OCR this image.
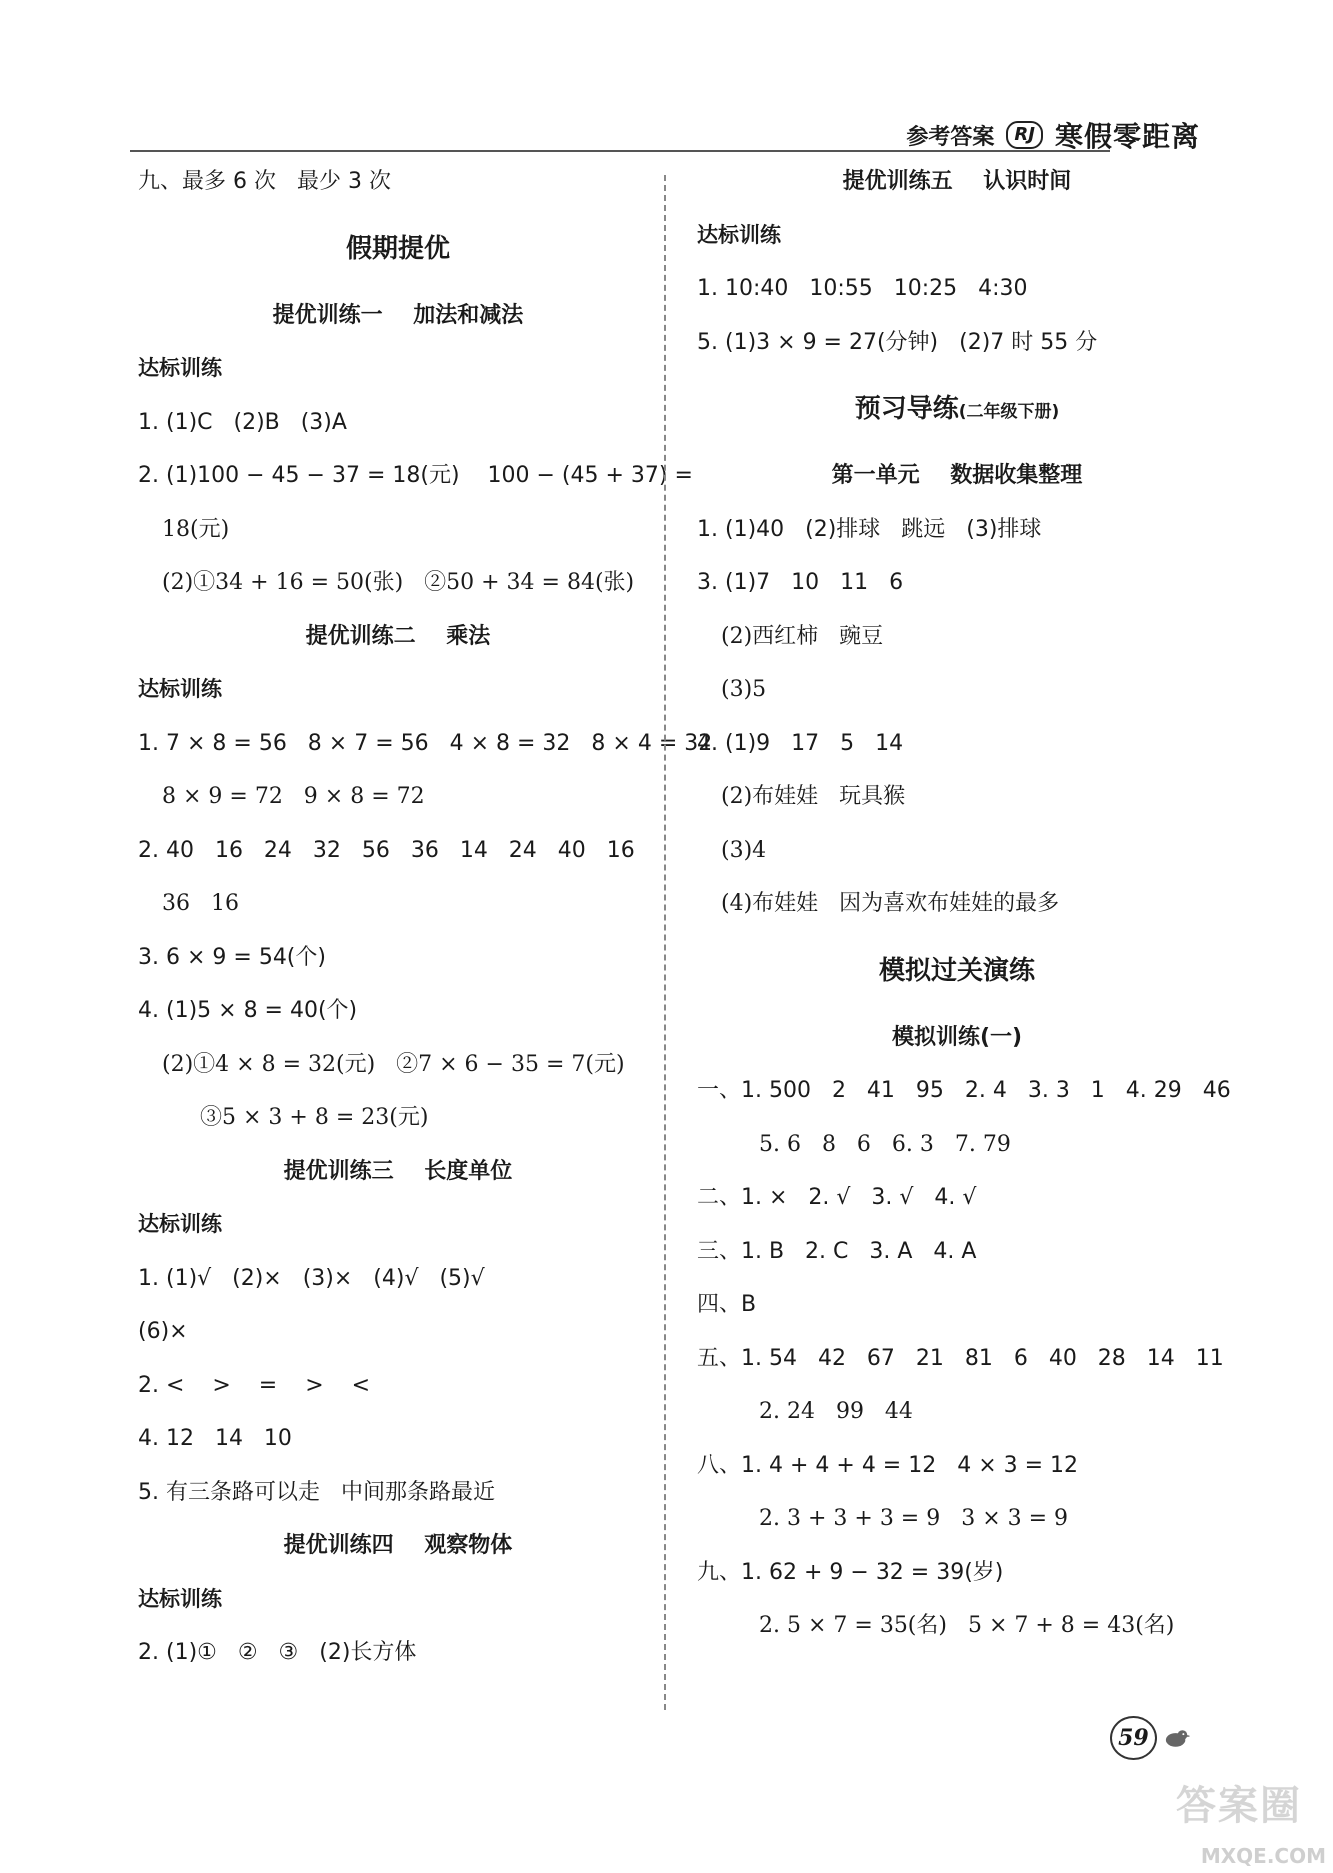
参考答案	RJ 寒假零距离
九、最多 6 次   最少 3 次
假期提优
提优训练一    加法和减法
达标训练
1. (1)C   (2)B   (3)A
2. (1)100 − 45 − 37 = 18(元)    100 − (45 + 37) =
18(元)
(2)①34 + 16 = 50(张)   ②50 + 34 = 84(张)
提优训练二    乘法
达标训练
1. 7 × 8 = 56   8 × 7 = 56   4 × 8 = 32   8 × 4 = 32
8 × 9 = 72   9 × 8 = 72
2. 40   16   24   32   56   36   14   24   40   16
36   16
3. 6 × 9 = 54(个)
4. (1)5 × 8 = 40(个)
(2)①4 × 8 = 32(元)   ②7 × 6 − 35 = 7(元)
③5 × 3 + 8 = 23(元)
提优训练三    长度单位
达标训练
1. (1)√   (2)×   (3)×   (4)√   (5)√
(6)×
2. <    >    =    >    <
4. 12   14   10
5. 有三条路可以走   中间那条路最近
提优训练四    观察物体
达标训练
2. (1)①   ②   ③   (2)长方体
提优训练五    认识时间
达标训练
1. 10:40   10:55   10:25   4:30
5. (1)3 × 9 = 27(分钟)   (2)7 时 55 分
预习导练(二年级下册)
第一单元    数据收集整理
1. (1)40   (2)排球   跳远   (3)排球
3. (1)7   10   11   6
(2)西红柿   豌豆
(3)5
4. (1)9   17   5   14
(2)布娃娃   玩具猴
(3)4
(4)布娃娃   因为喜欢布娃娃的最多
模拟过关演练
模拟训练(一)
一、1. 500   2   41   95   2. 4   3. 3   1   4. 29   46
5. 6   8   6   6. 3   7. 79
二、1. ×   2. √   3. √   4. √
三、1. B   2. C   3. A   4. A
四、B
五、1. 54   42   67   21   81   6   40   28   14   11
2. 24   99   44
八、1. 4 + 4 + 4 = 12   4 × 3 = 12
2. 3 + 3 + 3 = 9   3 × 3 = 9
九、1. 62 + 9 − 32 = 39(岁)
2. 5 × 7 = 35(名)   5 × 7 + 8 = 43(名)
59
答案圈
MXQE.COM
